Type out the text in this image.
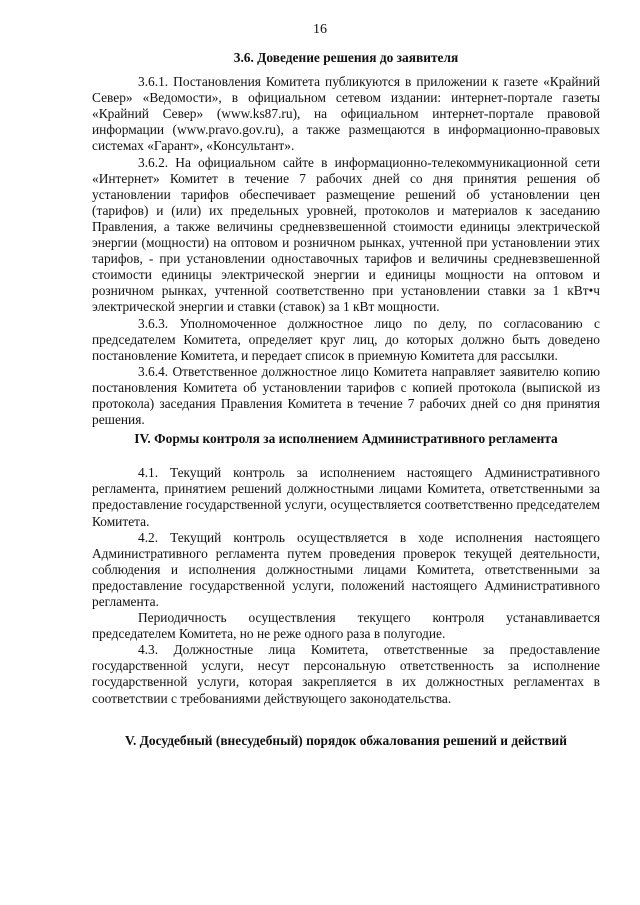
16
3.6. Доведение решения до заявителя

3.6.1. Постановления Комитета публикуются в приложении к газете «Крайний Север» «Ведомости», в официальном сетевом издании: интернет-портале газеты «Крайний Север» (www.ks87.ru), на официальном интернет-портале правовой информации (www.pravo.gov.ru), а также размещаются в информационно-правовых системах «Гарант», «Консультант».

3.6.2. На официальном сайте в информационно-телекоммуникационной сети «Интернет» Комитет в течение 7 рабочих дней со дня принятия решения об установлении тарифов обеспечивает размещение решений об установлении цен (тарифов) и (или) их предельных уровней, протоколов и материалов к заседанию Правления, а также величины средневзвешенной стоимости единицы электрической энергии (мощности) на оптовом и розничном рынках, учтенной при установлении этих тарифов, - при установлении одноставочных тарифов и величины средневзвешенной стоимости единицы электрической энергии и единицы мощности на оптовом и розничном рынках, учтенной соответственно при установлении ставки за 1 кВт•ч электрической энергии и ставки (ставок) за 1 кВт мощности.

3.6.3. Уполномоченное должностное лицо по делу, по согласованию с председателем Комитета, определяет круг лиц, до которых должно быть доведено постановление Комитета, и передает список в приемную Комитета для рассылки.

3.6.4. Ответственное должностное лицо Комитета направляет заявителю копию постановления Комитета об установлении тарифов с копией протокола (выпиской из протокола) заседания Правления Комитета в течение 7 рабочих дней со дня принятия решения.

IV. Формы контроля за исполнением Административного регламента

4.1. Текущий контроль за исполнением настоящего Административного регламента, принятием решений должностными лицами Комитета, ответственными за предоставление государственной услуги, осуществляется соответственно председателем Комитета.

4.2. Текущий контроль осуществляется в ходе исполнения настоящего Административного регламента путем проведения проверок текущей деятельности, соблюдения и исполнения должностными лицами Комитета, ответственными за предоставление государственной услуги, положений настоящего Административного регламента.

Периодичность осуществления текущего контроля устанавливается председателем Комитета, но не реже одного раза в полугодие.

4.3. Должностные лица Комитета, ответственные за предоставление государственной услуги, несут персональную ответственность за исполнение государственной услуги, которая закрепляется в их должностных регламентах в соответствии с требованиями действующего законодательства.

V. Досудебный (внесудебный) порядок обжалования решений и действий
